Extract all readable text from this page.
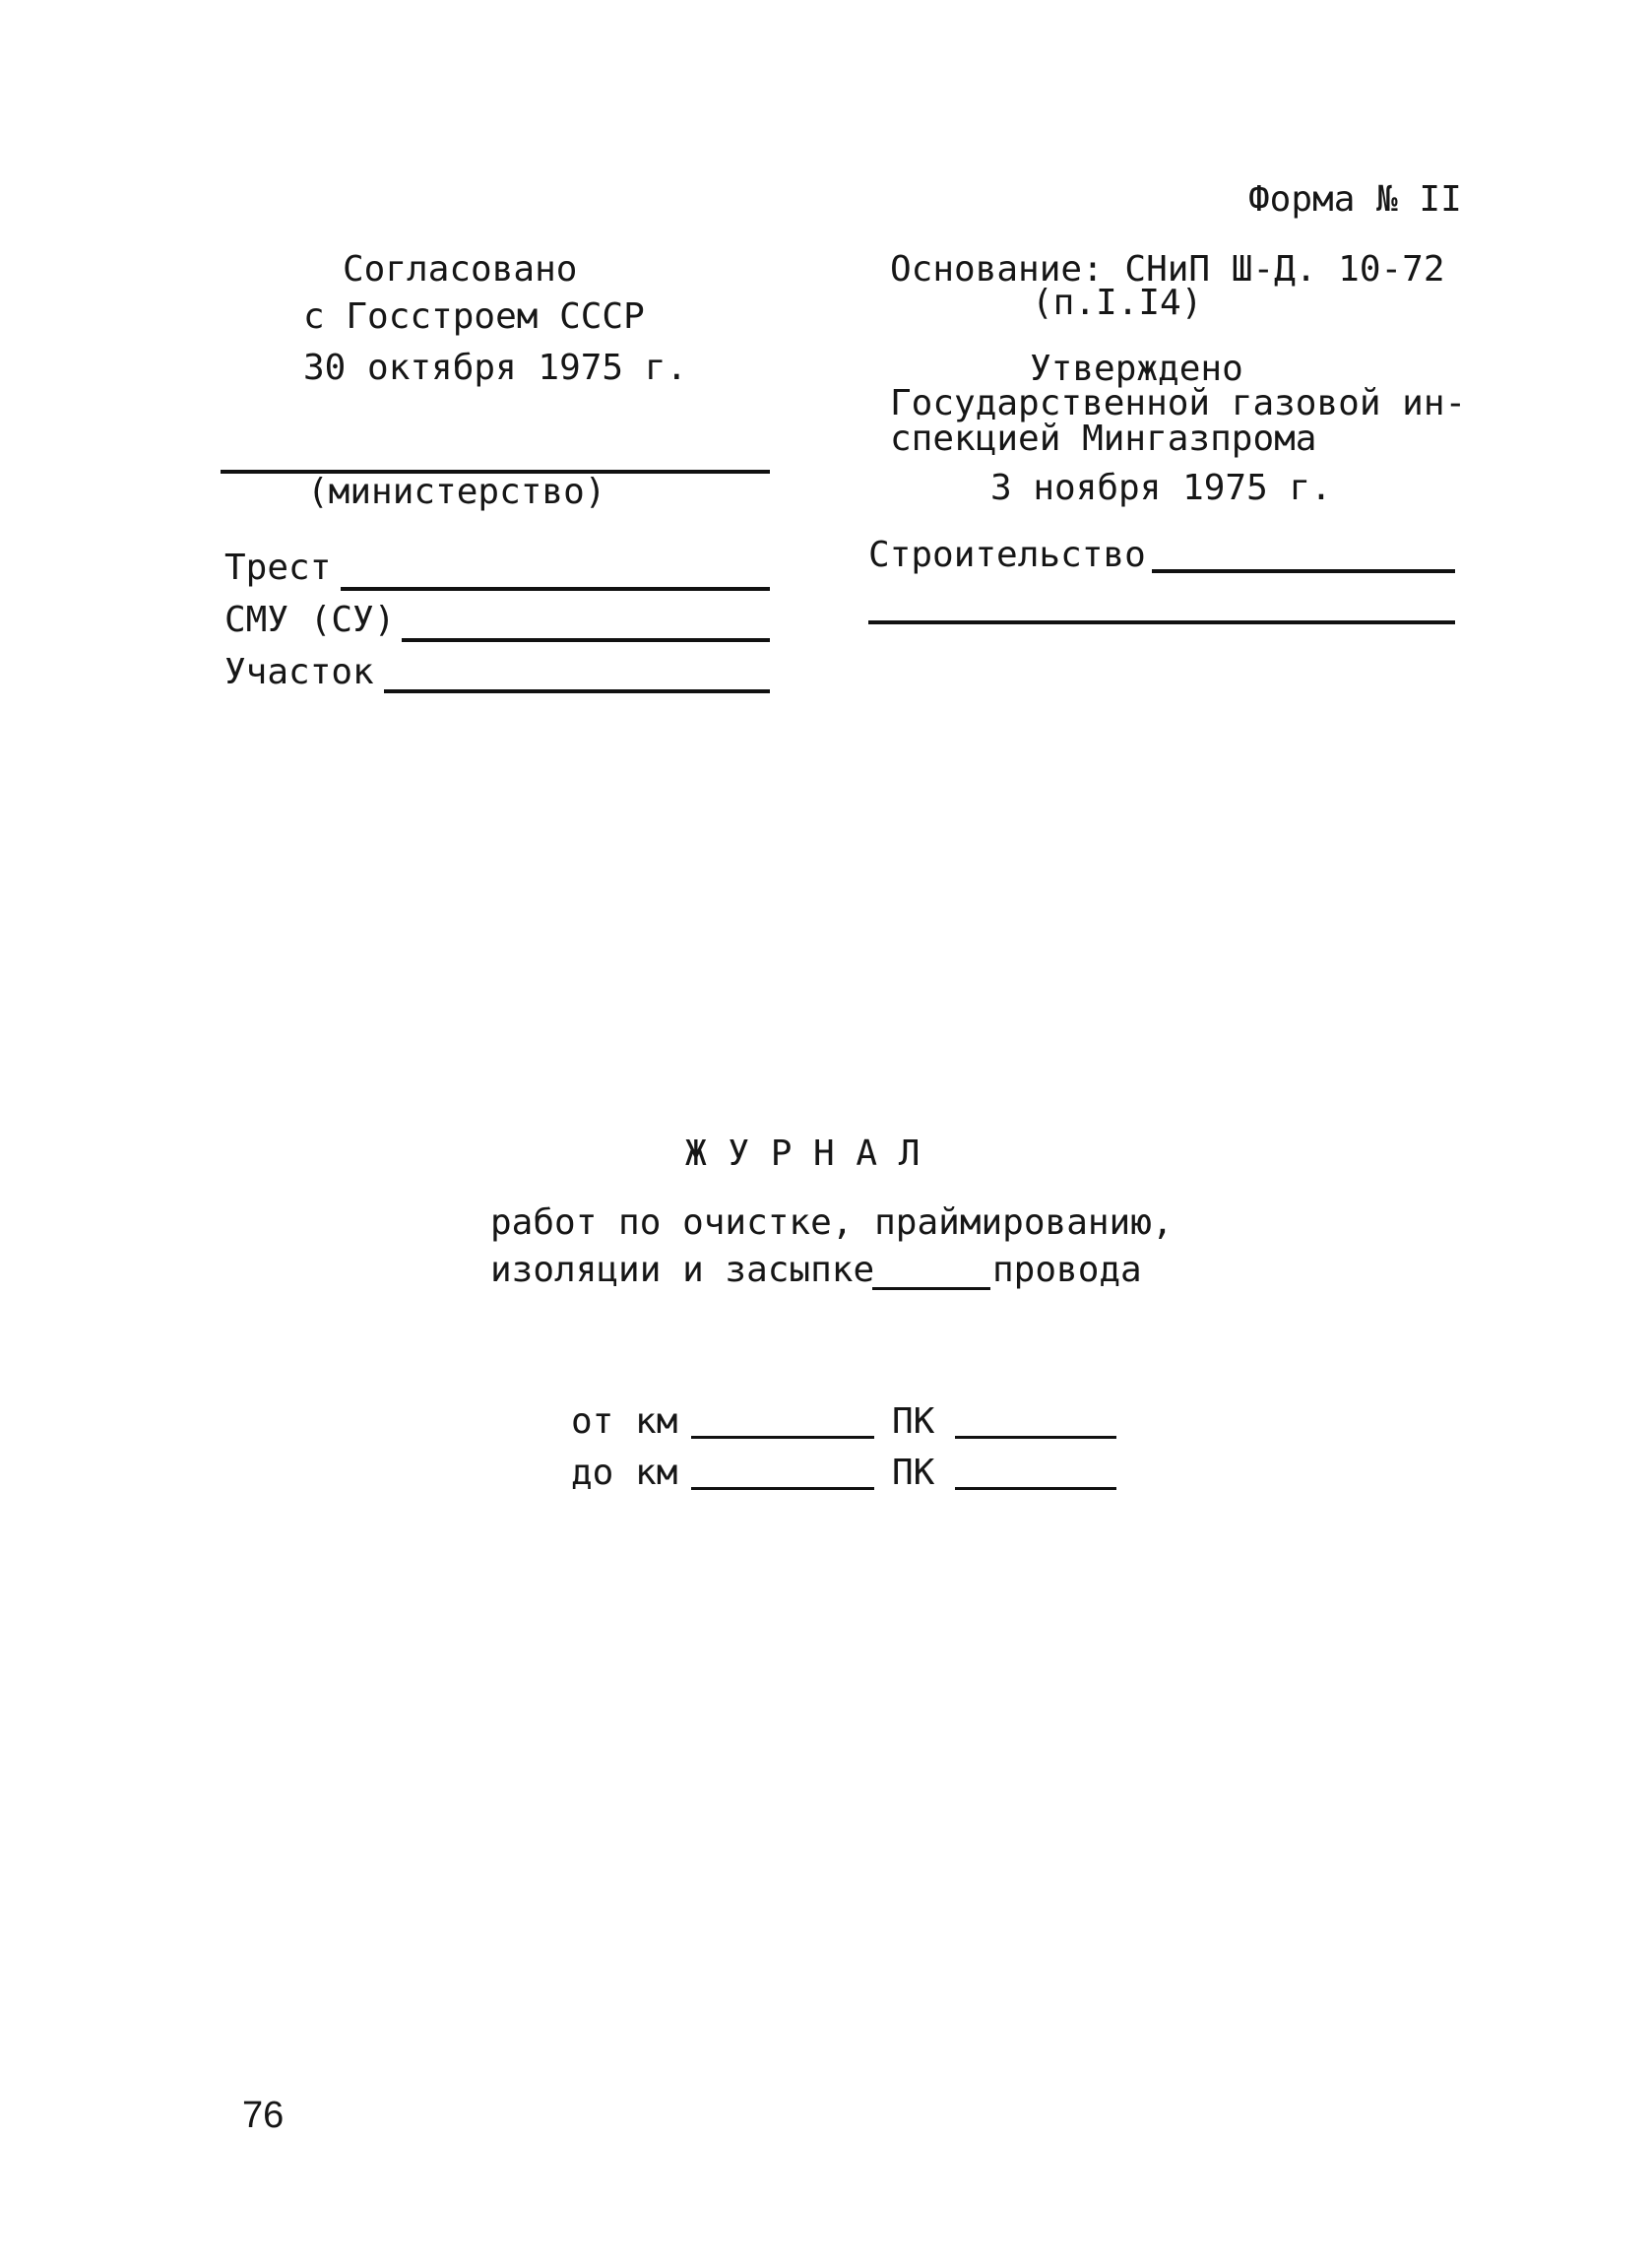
Форма № II
Согласовано
с Госстроем СССР
30 октября 1975 г.
Основание: СНиП Ш-Д. 10-72
(п.I.I4)
Утверждено
Государственной газовой ин-
спекцией Мингазпрома
3 ноября 1975 г.
(министерство)
Трест
СМУ (СУ)
Участок
Строительство
Ж У Р Н А Л
работ по очистке, праймированию,
изоляции и засыпке	провода
от км	ПК
до км	ПК
76
